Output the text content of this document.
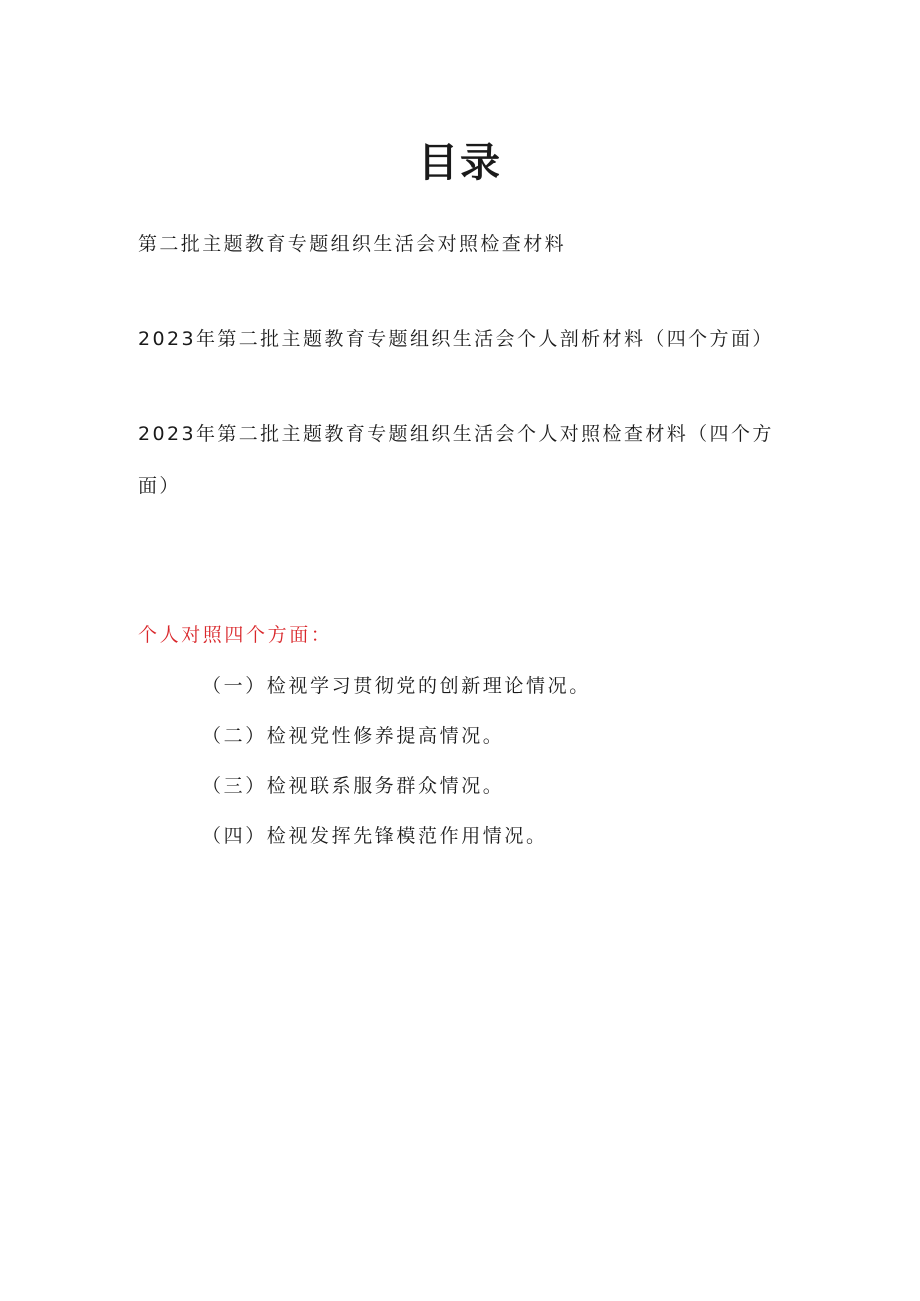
目录
第二批主题教育专题组织生活会对照检查材料
2023年第二批主题教育专题组织生活会个人剖析材料（四个方面）
2023年第二批主题教育专题组织生活会个人对照检查材料（四个方面）
个人对照四个方面：
（一）检视学习贯彻党的创新理论情况。
（二）检视党性修养提高情况。
（三）检视联系服务群众情况。
（四）检视发挥先锋模范作用情况。
